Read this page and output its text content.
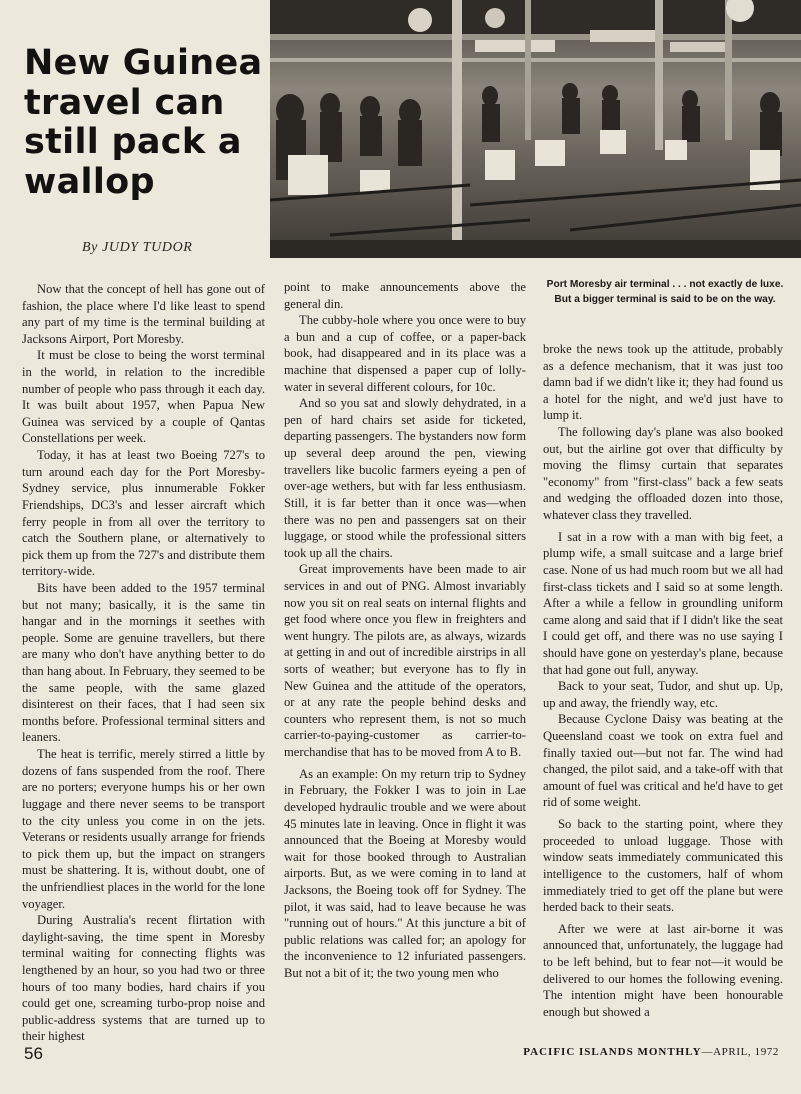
New Guinea travel can still pack a wallop
By JUDY TUDOR
Port Moresby air terminal . . . not exactly de luxe. But a bigger terminal is said to be on the way.

Now that the concept of hell has gone out of fashion, the place where I'd like least to spend any part of my time is the terminal building at Jacksons Airport, Port Moresby.

It must be close to being the worst terminal in the world, in relation to the incredible number of people who pass through it each day. It was built about 1957, when Papua New Guinea was serviced by a couple of Qantas Constellations per week.

Today, it has at least two Boeing 727's to turn around each day for the Port Moresby-Sydney service, plus innumerable Fokker Friendships, DC3's and lesser aircraft which ferry people in from all over the territory to catch the Southern plane, or alternatively to pick them up from the 727's and distribute them territory-wide.

Bits have been added to the 1957 terminal but not many; basically, it is the same tin hangar and in the mornings it seethes with people. Some are genuine travellers, but there are many who don't have anything better to do than hang about. In February, they seemed to be the same people, with the same glazed disinterest on their faces, that I had seen six months before. Professional terminal sitters and leaners.

The heat is terrific, merely stirred a little by dozens of fans suspended from the roof. There are no porters; everyone humps his or her own luggage and there never seems to be transport to the city unless you come in on the jets. Veterans or residents usually arrange for friends to pick them up, but the impact on strangers must be shattering. It is, without doubt, one of the unfriendliest places in the world for the lone voyager.

During Australia's recent flirtation with daylight-saving, the time spent in Moresby terminal waiting for connecting flights was lengthened by an hour, so you had two or three hours of too many bodies, hard chairs if you could get one, screaming turbo-prop noise and public-address systems that are turned up to their highest

point to make announcements above the general din.

The cubby-hole where you once were to buy a bun and a cup of coffee, or a paper-back book, had disappeared and in its place was a machine that dispensed a paper cup of lolly-water in several different colours, for 10c.

And so you sat and slowly dehydrated, in a pen of hard chairs set aside for ticketed, departing passengers. The bystanders now form up several deep around the pen, viewing travellers like bucolic farmers eyeing a pen of over-age wethers, but with far less enthusiasm. Still, it is far better than it once was—when there was no pen and passengers sat on their luggage, or stood while the professional sitters took up all the chairs.

Great improvements have been made to air services in and out of PNG. Almost invariably now you sit on real seats on internal flights and get food where once you flew in freighters and went hungry. The pilots are, as always, wizards at getting in and out of incredible airstrips in all sorts of weather; but everyone has to fly in New Guinea and the attitude of the operators, or at any rate the people behind desks and counters who represent them, is not so much carrier-to-paying-customer as carrier-to-merchandise that has to be moved from A to B.

As an example: On my return trip to Sydney in February, the Fokker I was to join in Lae developed hydraulic trouble and we were about 45 minutes late in leaving. Once in flight it was announced that the Boeing at Moresby would wait for those booked through to Australian airports. But, as we were coming in to land at Jacksons, the Boeing took off for Sydney. The pilot, it was said, had to leave because he was "running out of hours." At this juncture a bit of public relations was called for; an apology for the inconvenience to 12 infuriated passengers. But not a bit of it; the two young men who

broke the news took up the attitude, probably as a defence mechanism, that it was just too damn bad if we didn't like it; they had found us a hotel for the night, and we'd just have to lump it.

The following day's plane was also booked out, but the airline got over that difficulty by moving the flimsy curtain that separates "economy" from "first-class" back a few seats and wedging the offloaded dozen into those, whatever class they travelled.

I sat in a row with a man with big feet, a plump wife, a small suitcase and a large brief case. None of us had much room but we all had first-class tickets and I said so at some length. After a while a fellow in groundling uniform came along and said that if I didn't like the seat I could get off, and there was no use saying I should have gone on yesterday's plane, because that had gone out full, anyway.

Back to your seat, Tudor, and shut up. Up, up and away, the friendly way, etc.

Because Cyclone Daisy was beating at the Queensland coast we took on extra fuel and finally taxied out—but not far. The wind had changed, the pilot said, and a take-off with that amount of fuel was critical and he'd have to get rid of some weight.

So back to the starting point, where they proceeded to unload luggage. Those with window seats immediately communicated this intelligence to the customers, half of whom immediately tried to get off the plane but were herded back to their seats.

After we were at last air-borne it was announced that, unfortunately, the luggage had to be left behind, but to fear not—it would be delivered to our homes the following evening. The intention might have been honourable enough but showed a

56	PACIFIC ISLANDS MONTHLY—APRIL, 1972
